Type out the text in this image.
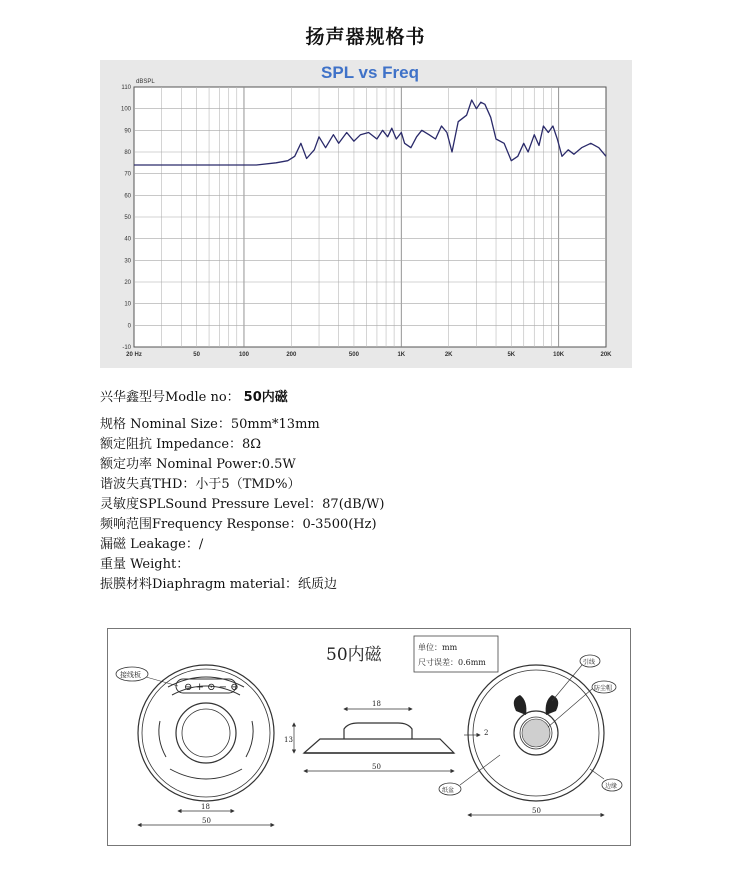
扬声器规格书
SPL vs Freq
dBSPL
-10
0
10
20
30
40
50
60
70
80
90
100
110
20 Hz	50	100	200	500	1K	2K	5K	10K	20K
兴华鑫型号Modle no： 50内磁
规格 Nominal Size：50mm*13mm
额定阻抗 Impedance：8Ω
额定功率 Nominal Power:0.5W
谐波失真THD：小于5（TMD%）
灵敏度SPLSound Pressure Level：87(dB/W)
频响范围Frequency Response：0-3500(Hz)
漏磁 Leakage：/
重量 Weight：
振膜材料Diaphragm material：纸质边
50内磁	单位：mm
尺寸误差：0.6mm
⊖ + ⊙ − ⊖
接线板
18
50
18
13
50
引线
防尘帽
纸盆
边缘
2
50
